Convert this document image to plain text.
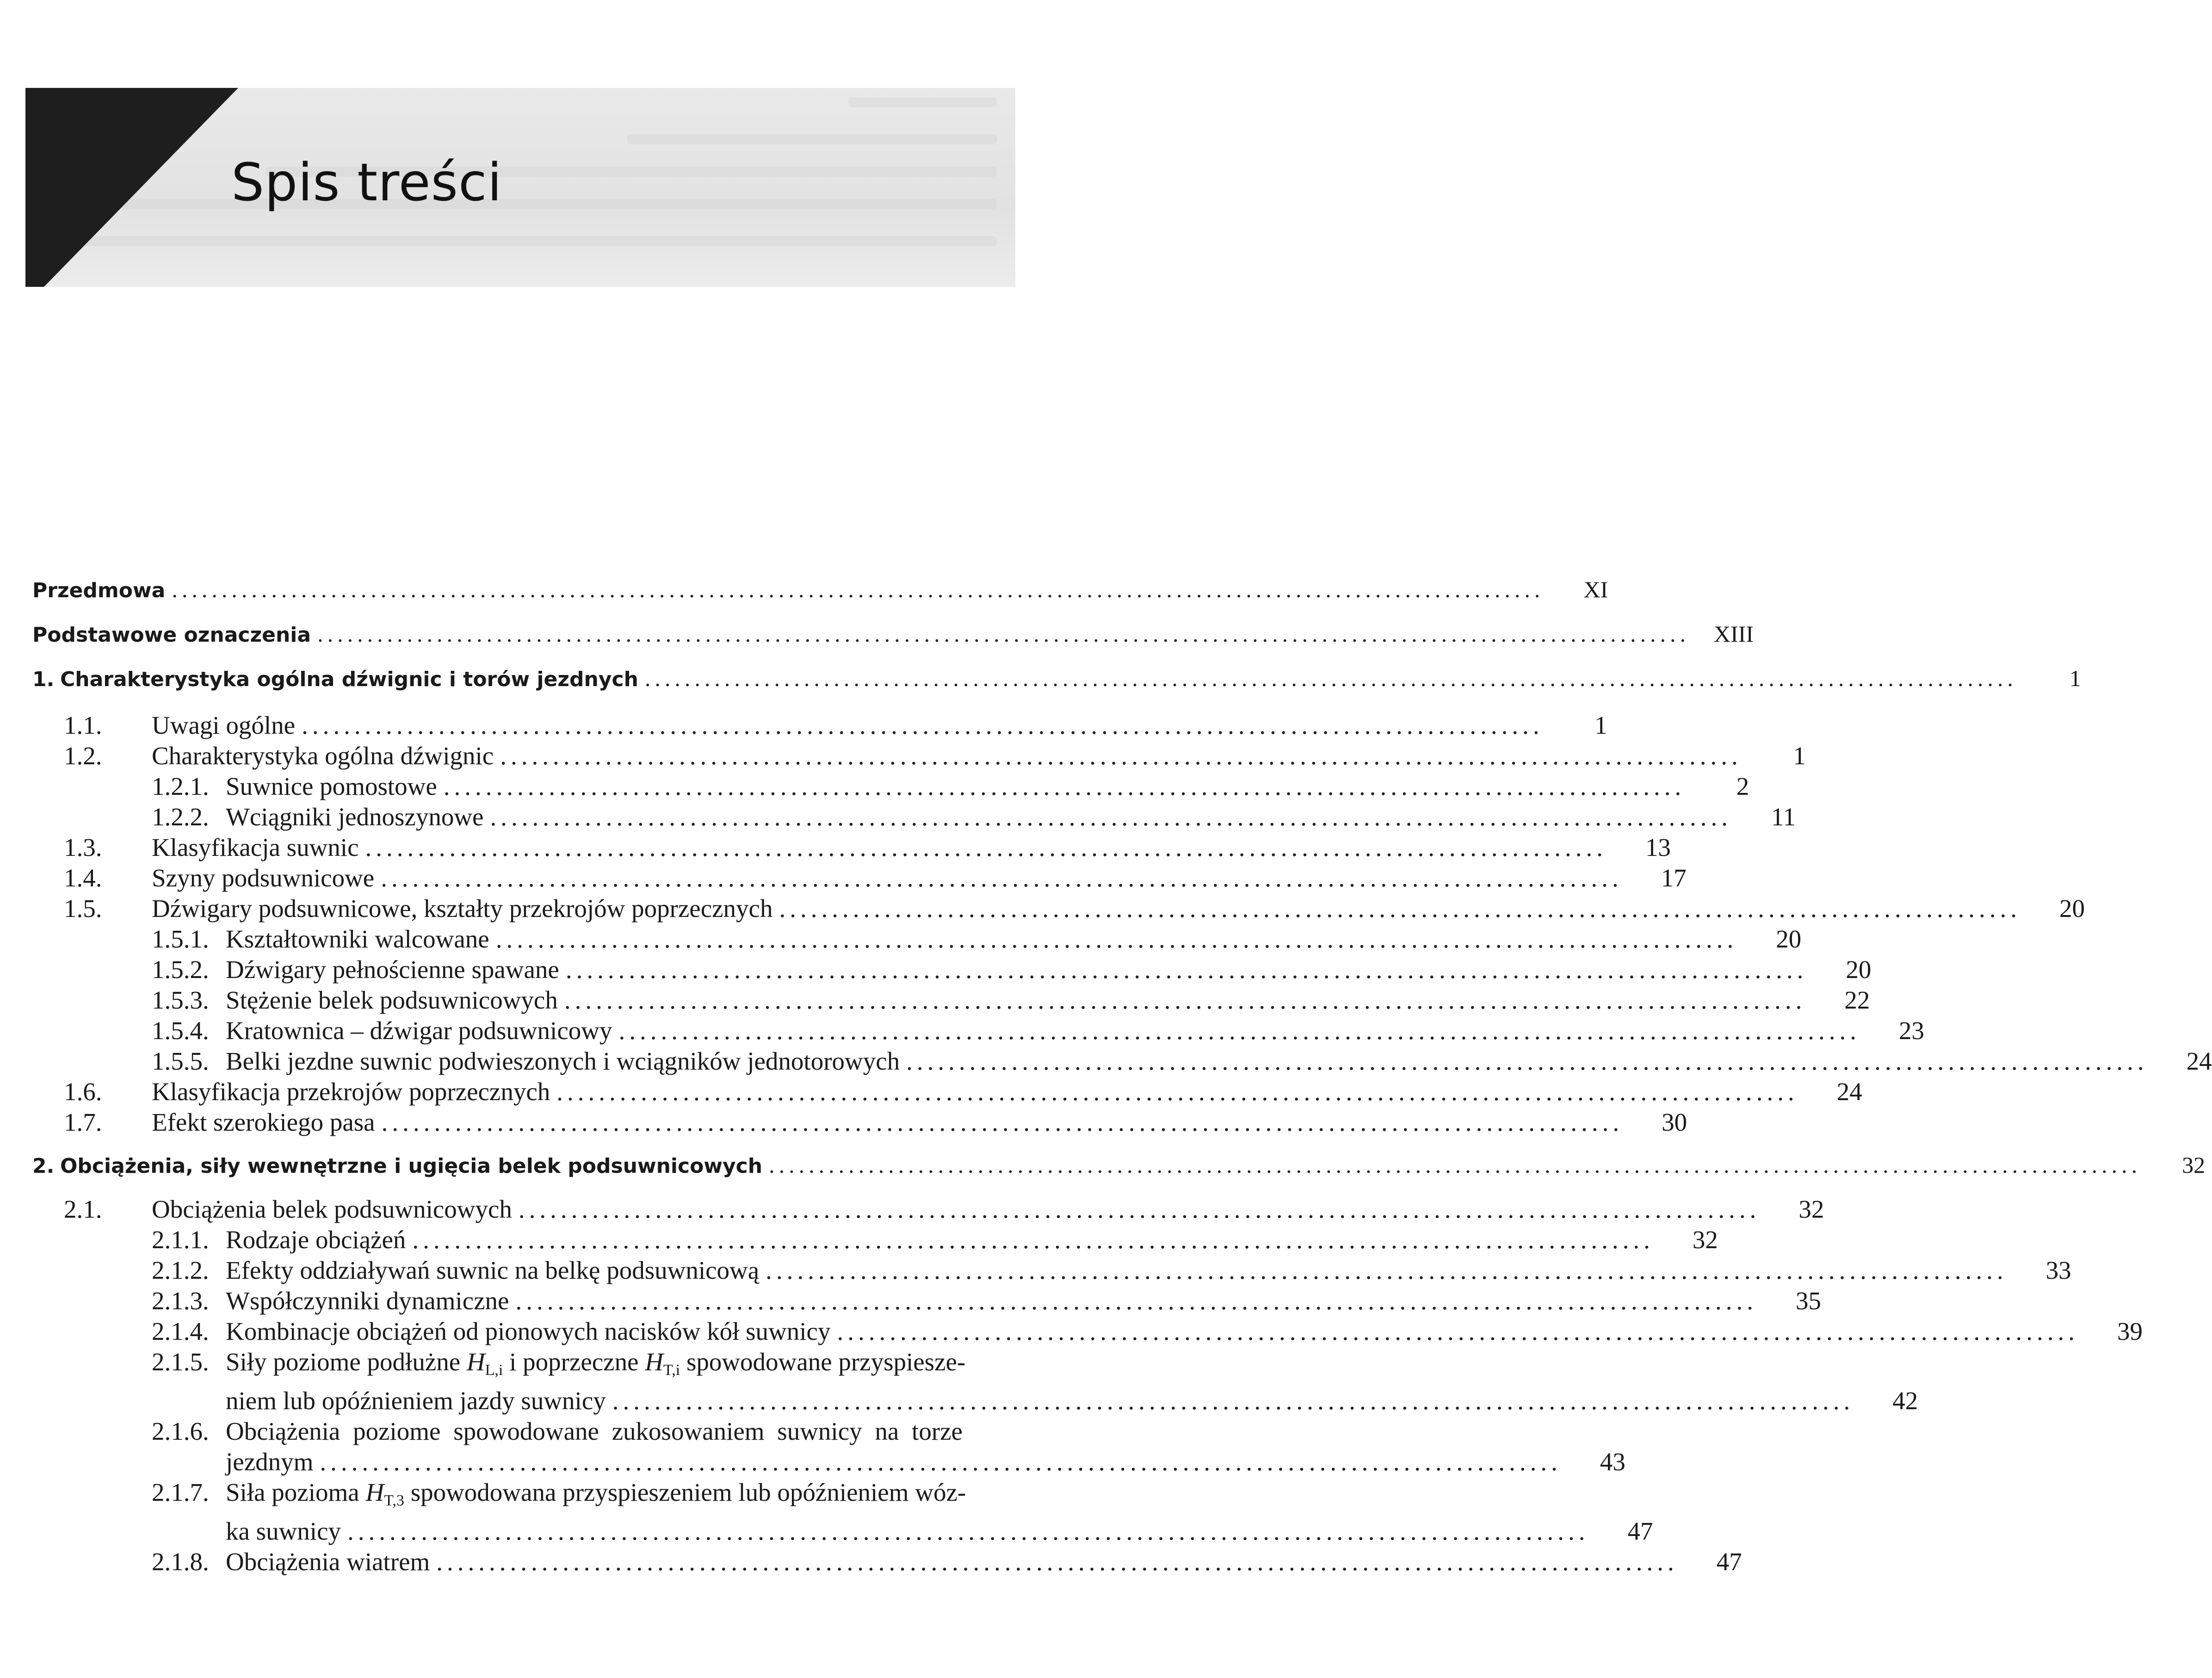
Spis treści
Przedmowa ..........................................................................................................................................	XI
Podstawowe oznaczenia ..........................................................................................................................................	XIII
1. Charakterystyka ogólna dźwignic i torów jezdnych ..........................................................................................................................................	1
1.1.	Uwagi ogólne ......................................................................................................................	1
1.2.	Charakterystyka ogólna dźwignic ......................................................................................................................	1
1.2.1. Suwnice pomostowe ......................................................................................................................	2
1.2.2. Wciągniki jednoszynowe ......................................................................................................................	11
1.3.	Klasyfikacja suwnic ......................................................................................................................	13
1.4.	Szyny podsuwnicowe ......................................................................................................................	17
1.5.	Dźwigary podsuwnicowe, kształty przekrojów poprzecznych ......................................................................................................................	20
1.5.1. Kształtowniki walcowane ......................................................................................................................	20
1.5.2. Dźwigary pełnościenne spawane ......................................................................................................................	20
1.5.3. Stężenie belek podsuwnicowych ......................................................................................................................	22
1.5.4. Kratownica – dźwigar podsuwnicowy ......................................................................................................................	23
1.5.5. Belki jezdne suwnic podwieszonych i wciągników jednotorowych ......................................................................................................................	24
1.6.	Klasyfikacja przekrojów poprzecznych ......................................................................................................................	24
1.7.	Efekt szerokiego pasa ......................................................................................................................	30
2. Obciążenia, siły wewnętrzne i ugięcia belek podsuwnicowych ..........................................................................................................................................	32
2.1.	Obciążenia belek podsuwnicowych ......................................................................................................................	32
2.1.1. Rodzaje obciążeń ......................................................................................................................	32
2.1.2. Efekty oddziaływań suwnic na belkę podsuwnicową ......................................................................................................................	33
2.1.3. Współczynniki dynamiczne ......................................................................................................................	35
2.1.4. Kombinacje obciążeń od pionowych nacisków kół suwnicy ......................................................................................................................	39
2.1.5. Siły poziome podłużne $H_{L,i}$ i poprzeczne $H_{T,i}$ spowodowane przyspiesze-
niem lub opóźnieniem jazdy suwnicy ......................................................................................................................	42
2.1.6. Obciążenia poziome spowodowane zukosowaniem suwnicy na torze
jezdnym ......................................................................................................................	43
2.1.7. Siła pozioma $H_{T,3}$ spowodowana przyspieszeniem lub opóźnieniem wóz-
ka suwnicy ......................................................................................................................	47
2.1.8. Obciążenia wiatrem ......................................................................................................................	47
